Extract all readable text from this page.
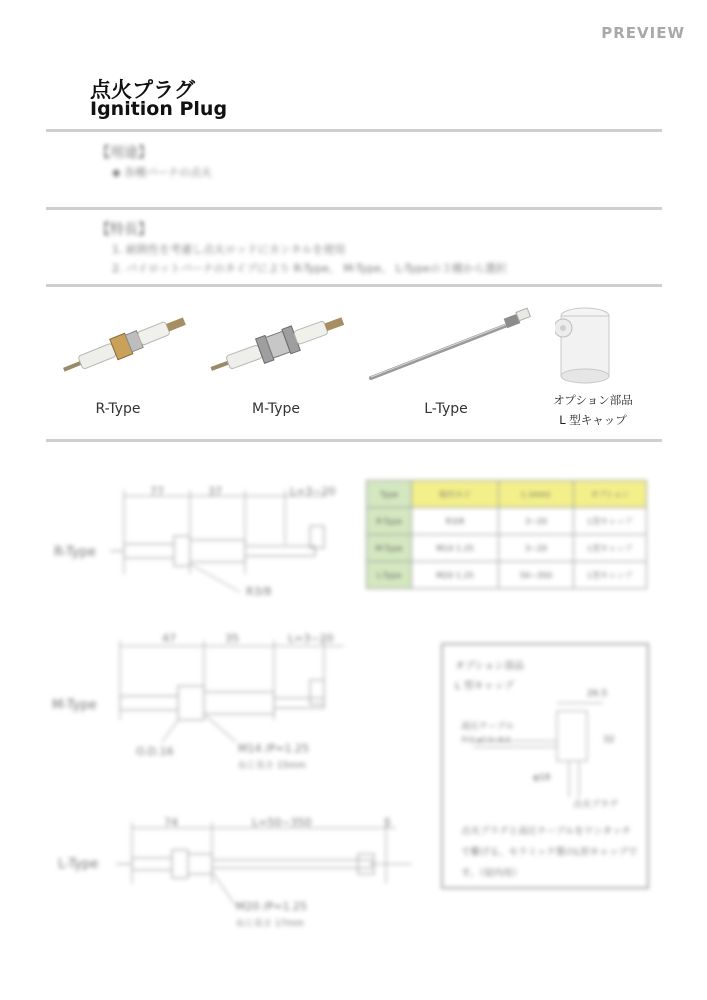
PREVIEW
点火プラグ
Ignition Plug
【用途】
◆ 各種バーナの点火
【特長】
1. 耐熱性を考慮し点火ロッドにカンタルを使用
2. パイロットバーナのタイプにより R-Type、 M-Type、 L-Typeの３種から選択
R-Type	M-Type	L-Type
オプション部品
L 型キャップ
R-Type
77	37	L=3~20
R3/8
Type	取付ネジ	L (mm)	オプション
R-Type	R3/8	3~20	L型キャップ
M-Type	M14 1.25	3~20	L型キャップ
L-Type	M20 1.25	50~350	L型キャップ
M-Type
47	35	L=3~20
O.D.16	M14 /P=1.25
ねじ長さ 15mm
L-Type
74	L=50~350	5
M20 /P=1.25
ねじ長さ 17mm
オプション部品
L 型キャップ
高圧ケーブル
外径 φ7.0~8.0
26.5
32
φ18
点火プラグ
点火プラグと高圧ケーブルをワンタッチで繋げる、セラミック製のL形キャップです。（屋内用）
